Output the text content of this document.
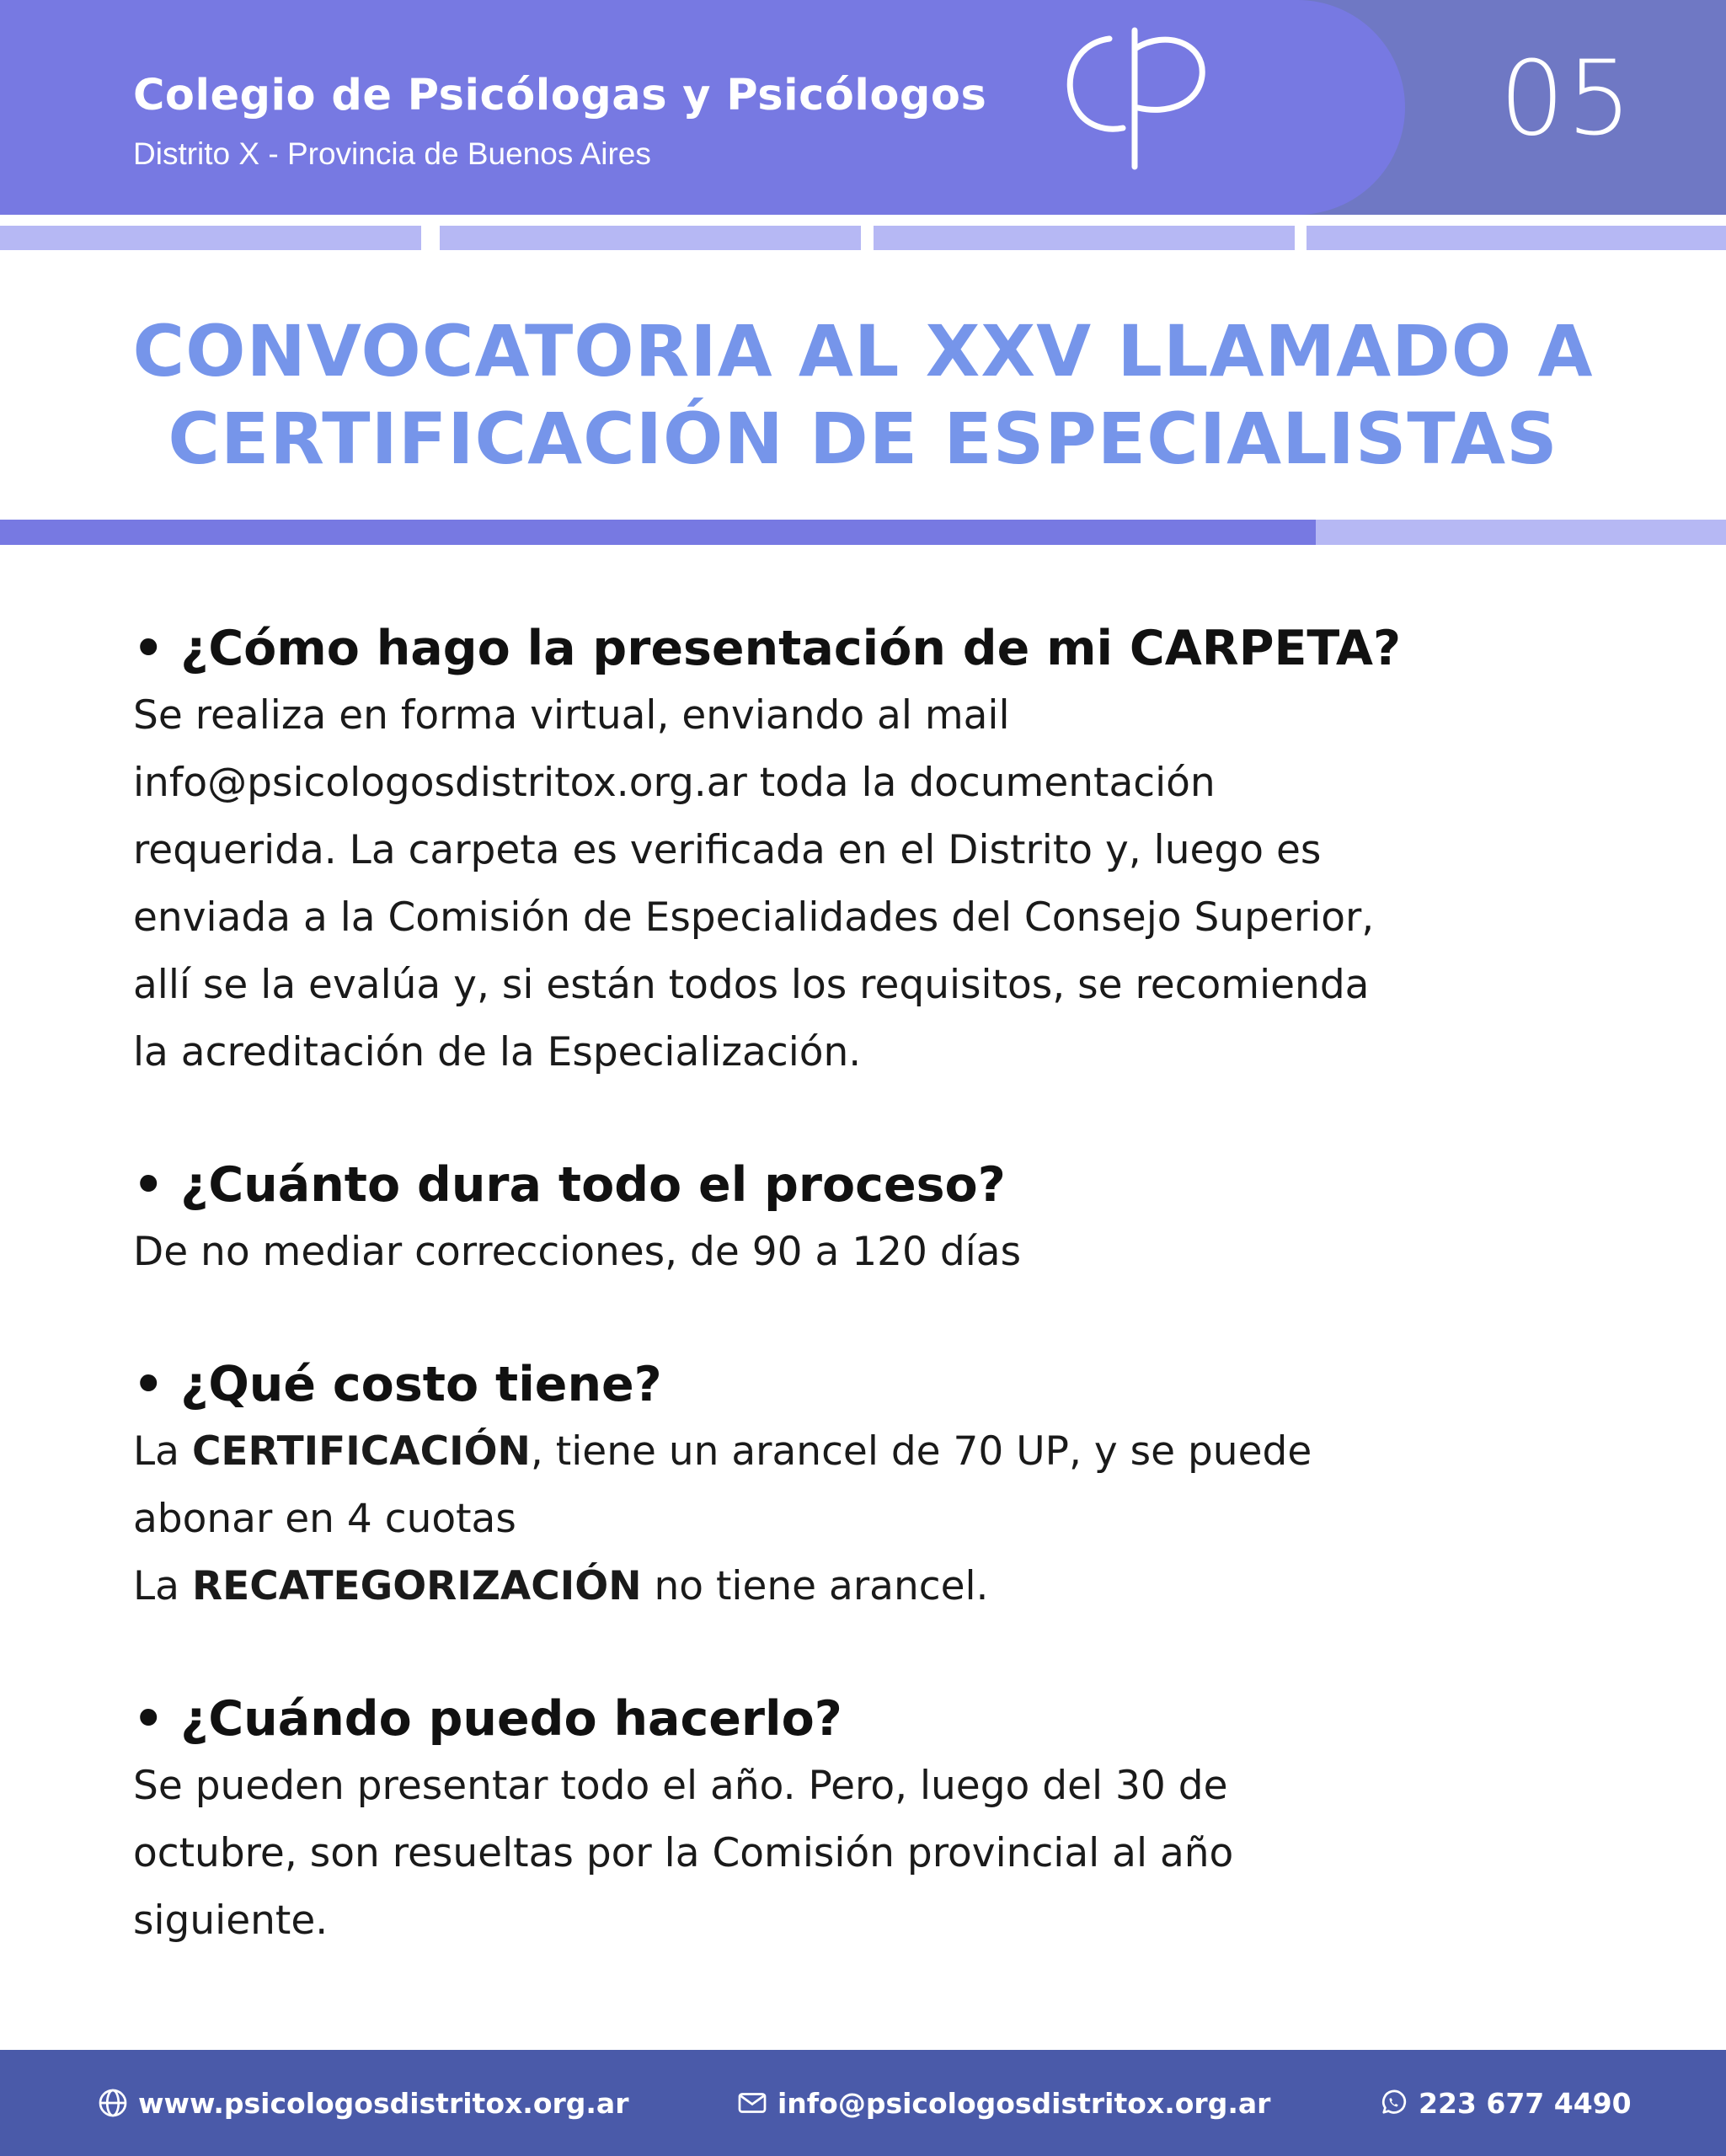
Colegio de Psicólogas y Psicólogos
Distrito X - Provincia de Buenos Aires	05
CONVOCATORIA AL XXV LLAMADO A
CERTIFICACIÓN DE ESPECIALISTAS
• ¿Cómo hago la presentación de mi CARPETA?
Se realiza en forma virtual, enviando al mail
info@psicologosdistritox.org.ar toda la documentación
requerida. La carpeta es verificada en el Distrito y, luego es
enviada a la Comisión de Especialidades del Consejo Superior,
allí se la evalúa y, si están todos los requisitos, se recomienda
la acreditación de la Especialización.
• ¿Cuánto dura todo el proceso?
De no mediar correcciones, de 90 a 120 días
• ¿Qué costo tiene?
La CERTIFICACIÓN, tiene un arancel de 70 UP, y se puede
abonar en 4 cuotas
La RECATEGORIZACIÓN no tiene arancel.
• ¿Cuándo puedo hacerlo?
Se pueden presentar todo el año. Pero, luego del 30 de
octubre, son resueltas por la Comisión provincial al año
siguiente.
www.psicologosdistritox.org.ar	info@psicologosdistritox.org.ar	223 677 4490
